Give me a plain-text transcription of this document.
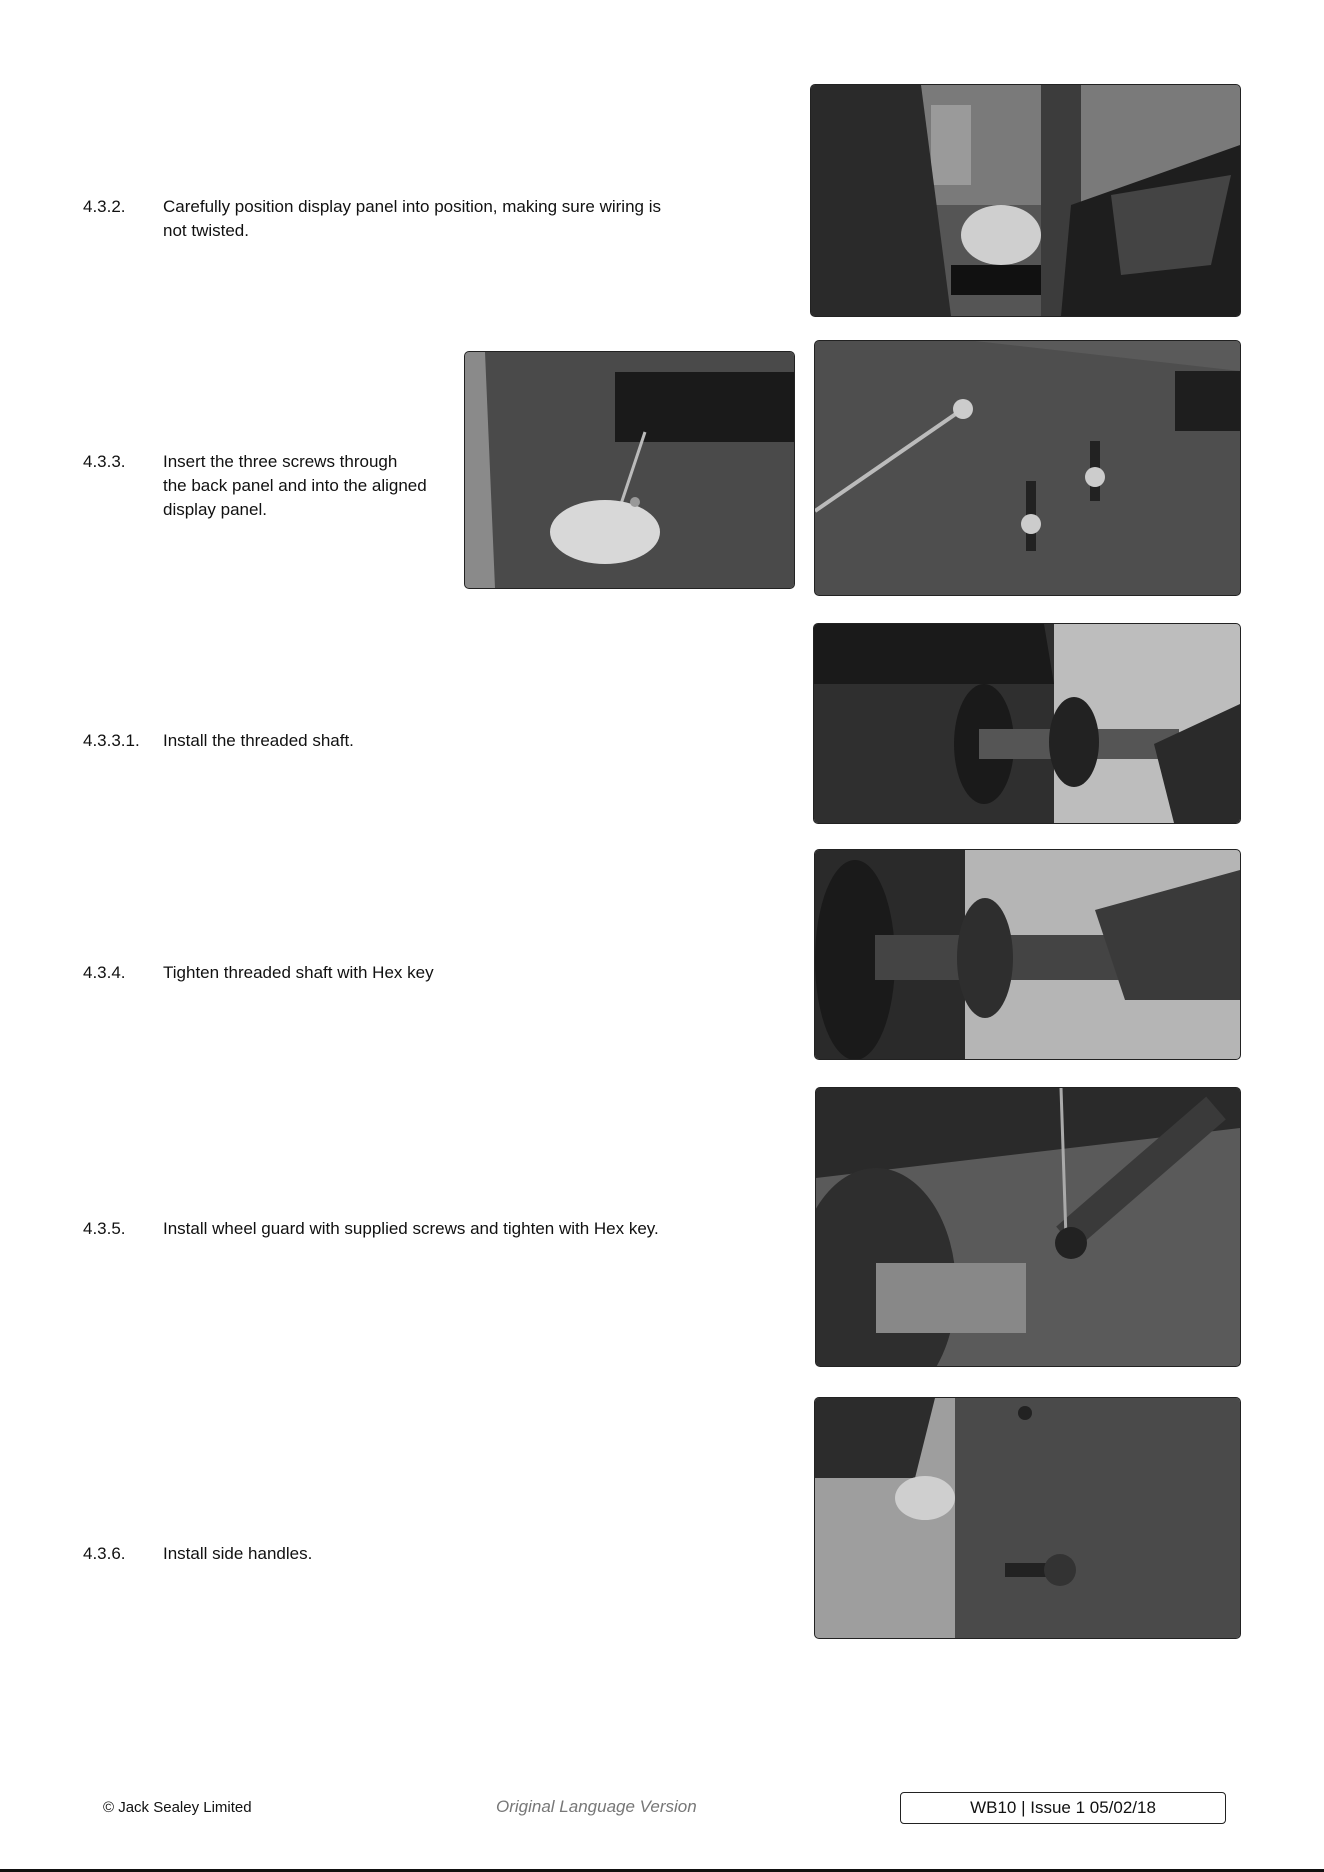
4.3.2. Carefully position display panel into position, making sure wiring is
not twisted.
4.3.3. Insert the three screws through
the back panel and into the aligned
display panel.
4.3.3.1. Install the threaded shaft.
4.3.4. Tighten threaded shaft with Hex key
4.3.5. Install wheel guard with supplied screws and tighten with Hex key.
4.3.6. Install side handles.
© Jack Sealey Limited	Original Language Version	WB10 | Issue 1 05/02/18
